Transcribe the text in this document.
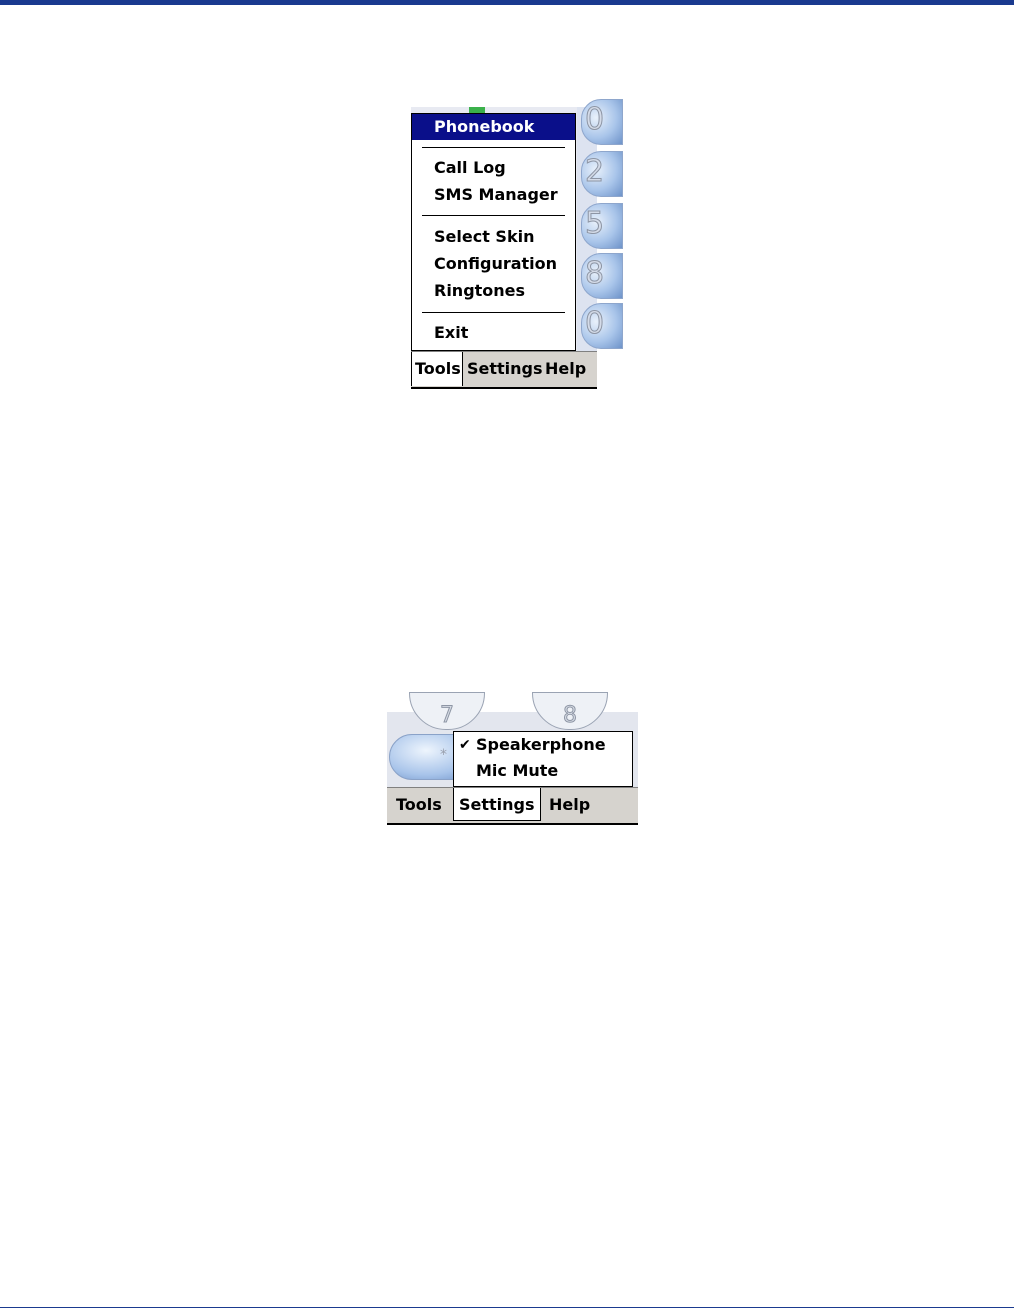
0
2
5
8
0
Phonebook
Call Log
SMS Manager
Select Skin
Configuration
Ringtones
Exit
Tools Settings Help
7	8
*
✔ Speakerphone
Mic Mute
Tools	Settings Help
